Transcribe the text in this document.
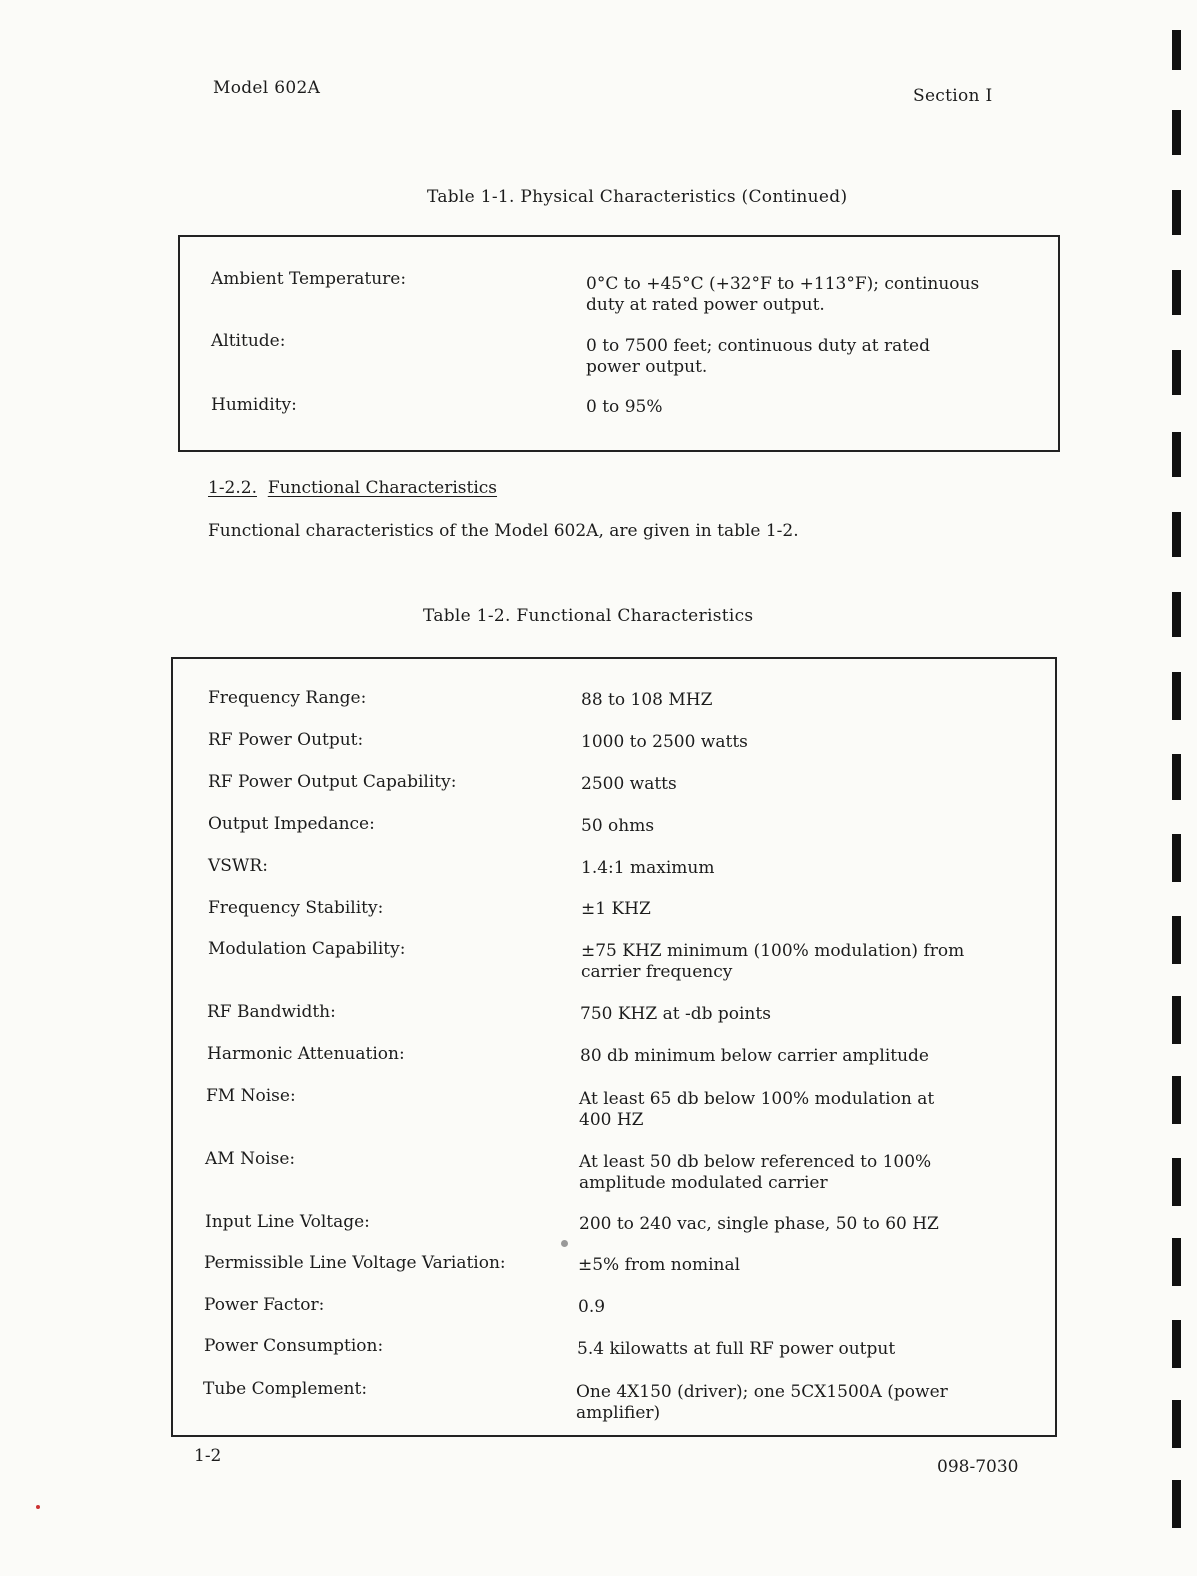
Model 602A	Section I
Table 1-1. Physical Characteristics (Continued)
Ambient Temperature:	0°C to +45°C (+32°F to +113°F); continuous duty at rated power output.
Altitude:	0 to 7500 feet; continuous duty at rated power output.
Humidity:	0 to 95%
1-2.2. Functional Characteristics
Functional characteristics of the Model 602A, are given in table 1-2.
Table 1-2. Functional Characteristics
Frequency Range:	88 to 108 MHZ
RF Power Output:	1000 to 2500 watts
RF Power Output Capability:	2500 watts
Output Impedance:	50 ohms
VSWR:	1.4:1 maximum
Frequency Stability:	±1 KHZ
Modulation Capability:	±75 KHZ minimum (100% modulation) from carrier frequency
RF Bandwidth:	750 KHZ at -db points
Harmonic Attenuation:	80 db minimum below carrier amplitude
FM Noise:	At least 65 db below 100% modulation at 400 HZ
AM Noise:	At least 50 db below referenced to 100% amplitude modulated carrier
Input Line Voltage:	200 to 240 vac, single phase, 50 to 60 HZ
Permissible Line Voltage Variation:	±5% from nominal
Power Factor:	0.9
Power Consumption:	5.4 kilowatts at full RF power output
Tube Complement:	One 4X150 (driver); one 5CX1500A (power amplifier)
1-2
098-7030
